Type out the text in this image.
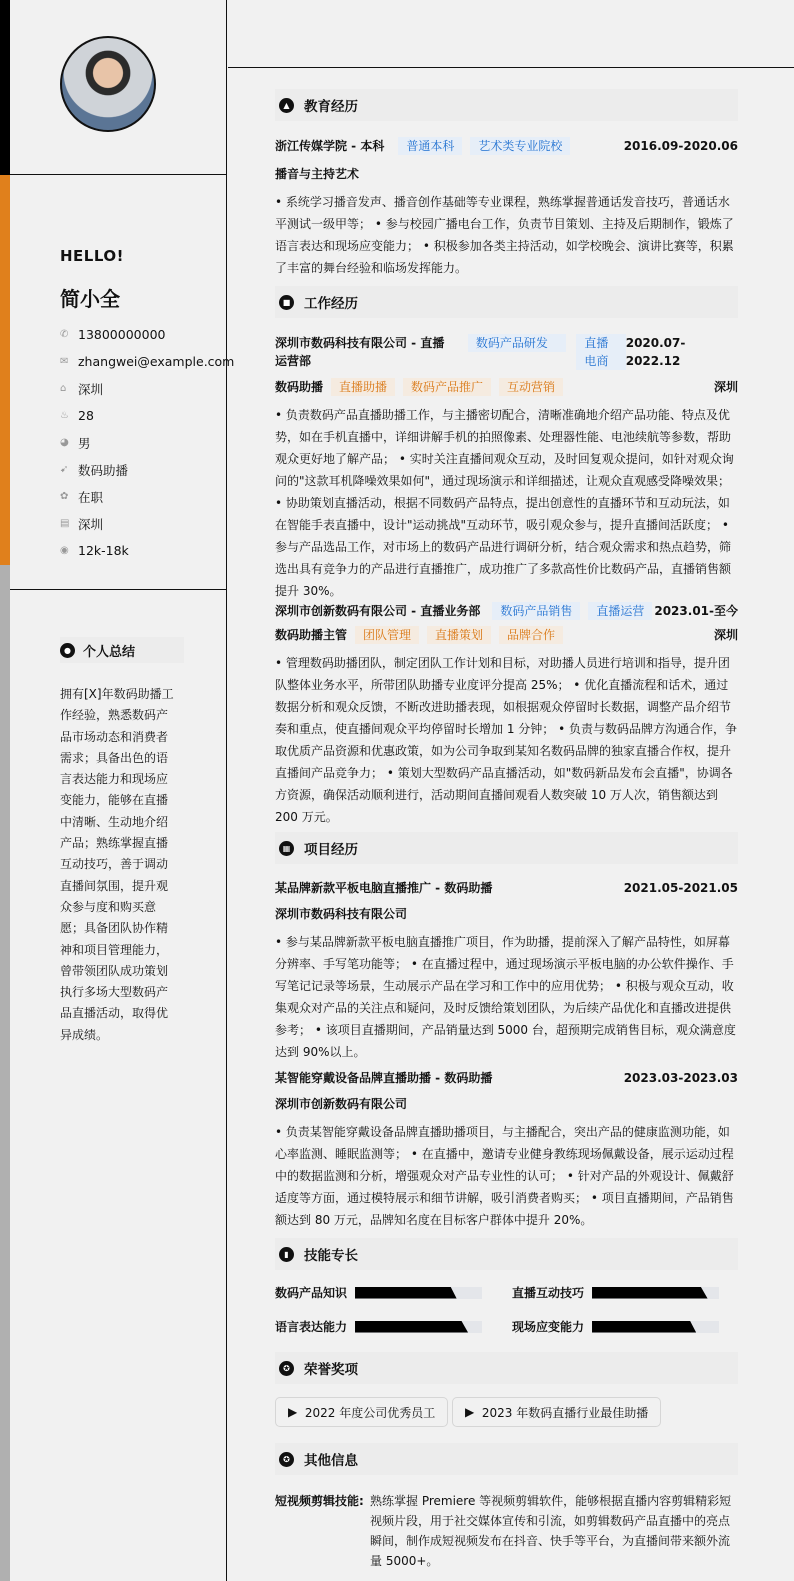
HELLO!
简小全
✆ 13800000000
✉ zhangwei@example.com
⌂ 深圳
♨ 28
◕ 男
➹ 数码助播
✿ 在职
▤ 深圳
◉ 12k-18k
● 个人总结
拥有[X]年数码助播工作经验，熟悉数码产品市场动态和消费者需求；具备出色的语言表达能力和现场应变能力，能够在直播中清晰、生动地介绍产品；熟练掌握直播互动技巧，善于调动直播间氛围，提升观众参与度和购买意愿；具备团队协作精神和项目管理能力，曾带领团队成功策划执行多场大型数码产品直播活动，取得优异成绩。
▲	教育经历
浙江传媒学院 - 本科	普通本科	艺术类专业院校	2016.09-2020.06
播音与主持艺术
• 系统学习播音发声、播音创作基础等专业课程，熟练掌握普通话发音技巧，普通话水平测试一级甲等； • 参与校园广播电台工作，负责节目策划、主持及后期制作，锻炼了语言表达和现场应变能力； • 积极参加各类主持活动，如学校晚会、演讲比赛等，积累了丰富的舞台经验和临场发挥能力。
■ 工作经历
深圳市数码科技有限公司 - 直播运营部
数码产品研发	直播电商
2020.07-2022.12
数码助播	直播助播	数码产品推广	互动营销	深圳
• 负责数码产品直播助播工作，与主播密切配合，清晰准确地介绍产品功能、特点及优势，如在手机直播中，详细讲解手机的拍照像素、处理器性能、电池续航等参数，帮助观众更好地了解产品； • 实时关注直播间观众互动，及时回复观众提问，如针对观众询问的"这款耳机降噪效果如何"，通过现场演示和详细描述，让观众直观感受降噪效果； • 协助策划直播活动，根据不同数码产品特点，提出创意性的直播环节和互动玩法，如在智能手表直播中，设计"运动挑战"互动环节，吸引观众参与，提升直播间活跃度； • 参与产品选品工作，对市场上的数码产品进行调研分析，结合观众需求和热点趋势，筛选出具有竞争力的产品进行直播推广，成功推广了多款高性价比数码产品，直播销售额提升 30%。
深圳市创新数码有限公司 - 直播业务部	数码产品销售	直播运营 2023.01-至今
数码助播主管	团队管理	直播策划	品牌合作	深圳
• 管理数码助播团队，制定团队工作计划和目标，对助播人员进行培训和指导，提升团队整体业务水平，所带团队助播专业度评分提高 25%； • 优化直播流程和话术，通过数据分析和观众反馈，不断改进助播表现，如根据观众停留时长数据，调整产品介绍节奏和重点，使直播间观众平均停留时长增加 1 分钟； • 负责与数码品牌方沟通合作，争取优质产品资源和优惠政策，如为公司争取到某知名数码品牌的独家直播合作权，提升直播间产品竞争力； • 策划大型数码产品直播活动，如"数码新品发布会直播"，协调各方资源，确保活动顺利进行，活动期间直播间观看人数突破 10 万人次，销售额达到 200 万元。
▦ 项目经历
某品牌新款平板电脑直播推广 - 数码助播	2021.05-2021.05
深圳市数码科技有限公司
• 参与某品牌新款平板电脑直播推广项目，作为助播，提前深入了解产品特性，如屏幕分辨率、手写笔功能等； • 在直播过程中，通过现场演示平板电脑的办公软件操作、手写笔记记录等场景，生动展示产品在学习和工作中的应用优势； • 积极与观众互动，收集观众对产品的关注点和疑问，及时反馈给策划团队，为后续产品优化和直播改进提供参考； • 该项目直播期间，产品销量达到 5000 台，超预期完成销售目标，观众满意度达到 90%以上。
某智能穿戴设备品牌直播助播 - 数码助播	2023.03-2023.03
深圳市创新数码有限公司
• 负责某智能穿戴设备品牌直播助播项目，与主播配合，突出产品的健康监测功能，如心率监测、睡眠监测等； • 在直播中，邀请专业健身教练现场佩戴设备，展示运动过程中的数据监测和分析，增强观众对产品专业性的认可； • 针对产品的外观设计、佩戴舒适度等方面，通过模特展示和细节讲解，吸引消费者购买； • 项目直播期间，产品销售额达到 80 万元，品牌知名度在目标客户群体中提升 20%。
▮	技能专长
数码产品知识	直播互动技巧
语言表达能力	现场应变能力
✪	荣誉奖项
▶ 2022 年度公司优秀员工	▶ 2023 年数码直播行业最佳助播
✪	其他信息
短视频剪辑技能: 熟练掌握 Premiere 等视频剪辑软件，能够根据直播内容剪辑精彩短视频片段，用于社交媒体宣传和引流，如剪辑数码产品直播中的亮点瞬间，制作成短视频发布在抖音、快手等平台，为直播间带来额外流量 5000+。
